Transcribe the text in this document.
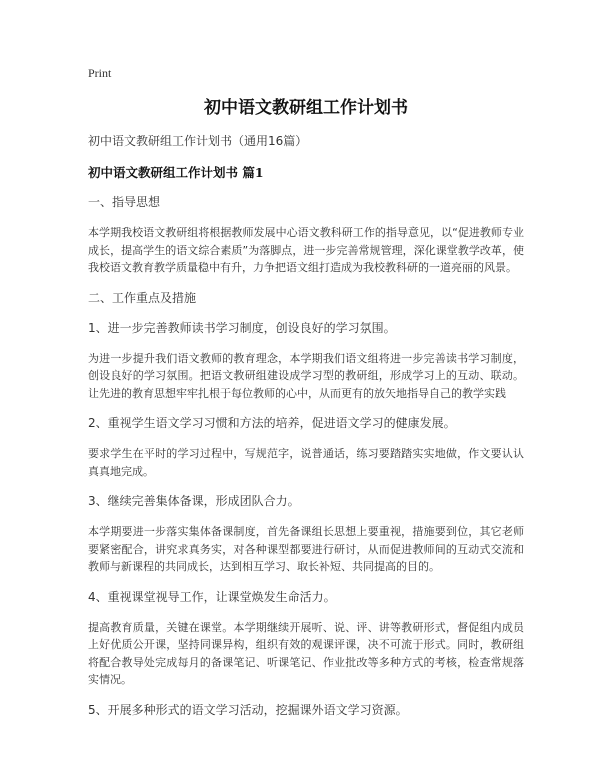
Print
初中语文教研组工作计划书

初中语文教研组工作计划书（通用16篇）

初中语文教研组工作计划书 篇1

一、指导思想

本学期我校语文教研组将根据教师发展中心语文教科研工作的指导意见，以“促进教师专业成长，提高学生的语文综合素质”为落脚点，进一步完善常规管理，深化课堂教学改革，使我校语文教育教学质量稳中有升，力争把语文组打造成为我校教科研的一道亮丽的风景。

二、工作重点及措施

1、进一步完善教师读书学习制度，创设良好的学习氛围。

为进一步提升我们语文教师的教育理念，本学期我们语文组将进一步完善读书学习制度，创设良好的学习氛围。把语文教研组建设成学习型的教研组，形成学习上的互动、联动。让先进的教育思想牢牢扎根于每位教师的心中，从而更有的放矢地指导自己的教学实践

2、重视学生语文学习习惯和方法的培养，促进语文学习的健康发展。

要求学生在平时的学习过程中，写规范字，说普通话，练习要踏踏实实地做，作文要认认真真地完成。

3、继续完善集体备课，形成团队合力。

本学期要进一步落实集体备课制度，首先备课组长思想上要重视，措施要到位，其它老师要紧密配合，讲究求真务实，对各种课型都要进行研讨，从而促进教师间的互动式交流和教师与新课程的共同成长，达到相互学习、取长补短、共同提高的目的。

4、重视课堂视导工作，让课堂焕发生命活力。

提高教育质量，关键在课堂。本学期继续开展听、说、评、讲等教研形式，督促组内成员上好优质公开课，坚持同课异构，组织有效的观课评课，决不可流于形式。同时，教研组将配合教导处完成每月的备课笔记、听课笔记、作业批改等多种方式的考核，检查常规落实情况。

5、开展多种形式的语文学习活动，挖掘课外语文学习资源。
